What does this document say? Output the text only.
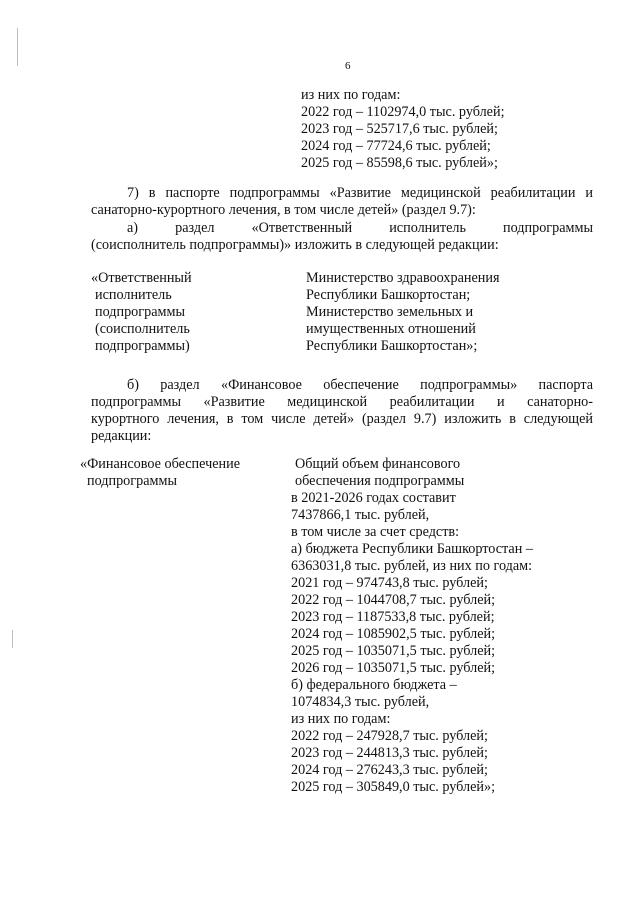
6
из них по годам:
2022 год – 1102974,0 тыс. рублей;
2023 год – 525717,6 тыс. рублей;
2024 год – 77724,6 тыс. рублей;
2025 год – 85598,6 тыс. рублей»;
7) в паспорте подпрограммы «Развитие медицинской реабилитации и
санаторно-курортного лечения, в том числе детей» (раздел 9.7):
а) раздел «Ответственный исполнитель подпрограммы
(соисполнитель подпрограммы)» изложить в следующей редакции:
«Ответственный
исполнитель
подпрограммы
(соисполнитель
подпрограммы)
Министерство здравоохранения
Республики Башкортостан;
Министерство земельных и
имущественных отношений
Республики Башкортостан»;
б) раздел «Финансовое обеспечение подпрограммы» паспорта
подпрограммы «Развитие медицинской реабилитации и санаторно-
курортного лечения, в том числе детей» (раздел 9.7) изложить в следующей
редакции:
«Финансовое обеспечение
подпрограммы
Общий объем финансового
обеспечения подпрограммы
в 2021-2026 годах составит
7437866,1 тыс. рублей,
в том числе за счет средств:
а) бюджета Республики Башкортостан –
6363031,8 тыс. рублей, из них по годам:
2021 год – 974743,8 тыс. рублей;
2022 год – 1044708,7 тыс. рублей;
2023 год – 1187533,8 тыс. рублей;
2024 год – 1085902,5 тыс. рублей;
2025 год – 1035071,5 тыс. рублей;
2026 год – 1035071,5 тыс. рублей;
б) федерального бюджета –
1074834,3 тыс. рублей,
из них по годам:
2022 год – 247928,7 тыс. рублей;
2023 год – 244813,3 тыс. рублей;
2024 год – 276243,3 тыс. рублей;
2025 год – 305849,0 тыс. рублей»;
